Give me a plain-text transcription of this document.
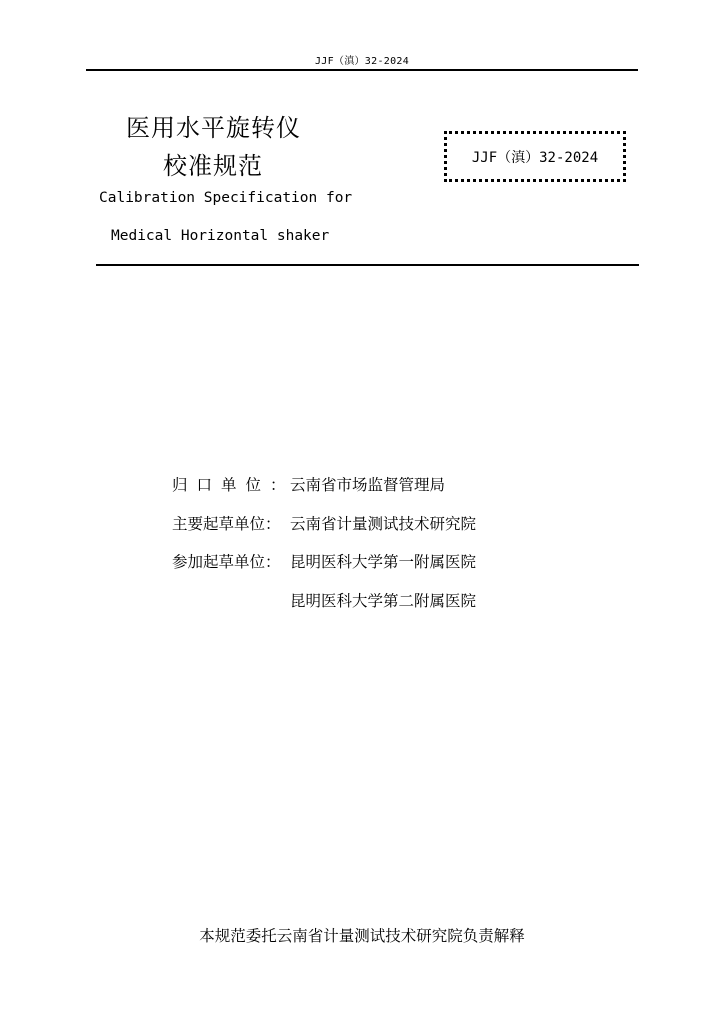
JJF（滇）32-2024
医用水平旋转仪
校准规范	JJF（滇）32-2024
Calibration Specification for
Medical Horizontal shaker
归口单位：
云南省市场监督管理局
主要起草单位： 云南省计量测试技术研究院
参加起草单位： 昆明医科大学第一附属医院
昆明医科大学第二附属医院
本规范委托云南省计量测试技术研究院负责解释
